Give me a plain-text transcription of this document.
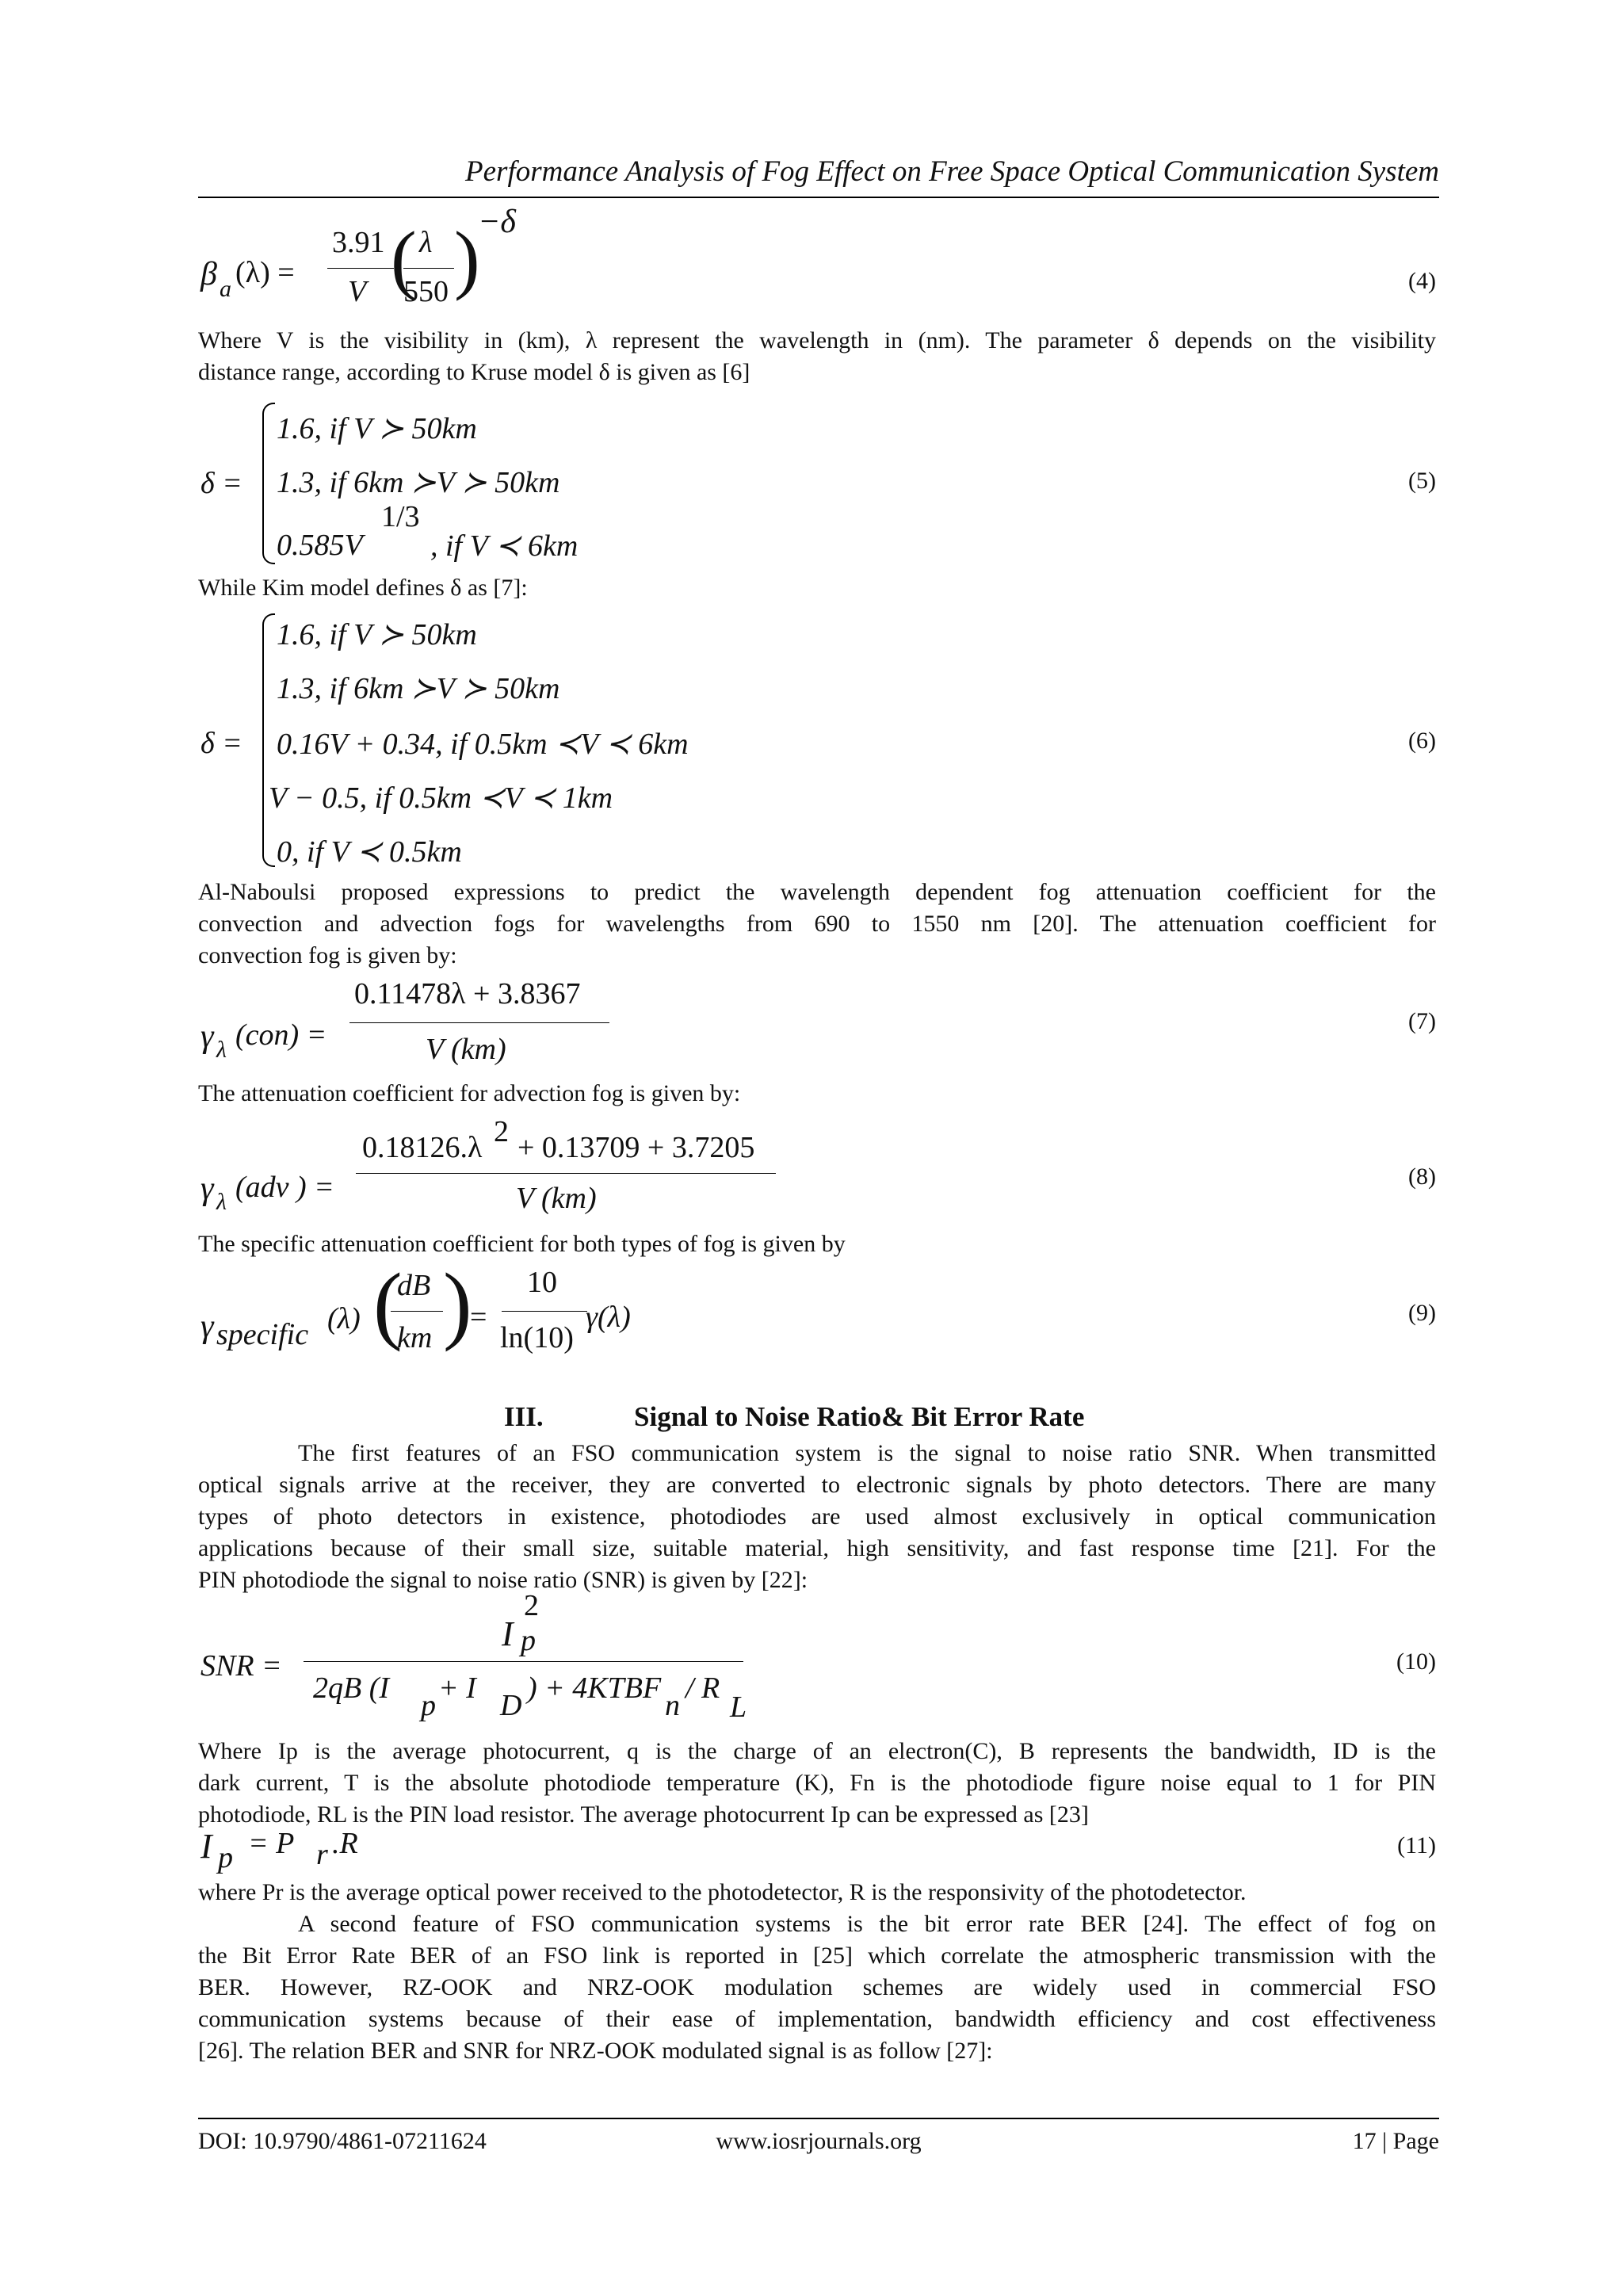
Performance Analysis of Fog Effect on Free Space Optical Communication System
β a (λ) =
3.91
V ( λ
550 )
−δ
(4)
Where V is the visibility in (km), λ represent the wavelength in (nm). The parameter δ depends on the visibility
distance range, according to Kruse model δ is given as [6]
δ =
1.6, if V ≻ 50km
1.3, if 6km ≻V ≻ 50km
0.585V
1/3
, if V ≺ 6km
(5)
While Kim model defines δ as [7]:
δ =
1.6, if V ≻ 50km
1.3, if 6km ≻V ≻ 50km
0.16V + 0.34, if 0.5km ≺V ≺ 6km
V − 0.5, if 0.5km ≺V ≺ 1km
0, if V ≺ 0.5km
(6)
Al-Naboulsi proposed expressions to predict the wavelength dependent fog attenuation coefficient for the
convection and advection fogs for wavelengths from 690 to 1550 nm [20]. The attenuation coefficient for
convection fog is given by:
γ λ (con) =
0.11478λ + 3.8367
V (km)
(7)
The attenuation coefficient for advection fog is given by:
γ λ (adv ) =
0.18126.λ 2 + 0.13709 + 3.7205
V (km)
(8)
The specific attenuation coefficient for both types of fog is given by
γ specific (λ) (
dB
km )
=
10
ln(10)
γ(λ)	(9)
III.	Signal to Noise Ratio& Bit Error Rate
The first features of an FSO communication system is the signal to noise ratio SNR. When transmitted
optical signals arrive at the receiver, they are converted to electronic signals by photo detectors. There are many
types of photo detectors in existence, photodiodes are used almost exclusively in optical communication
applications because of their small size, suitable material, high sensitivity, and fast response time [21]. For the
PIN photodiode the signal to noise ratio (SNR) is given by [22]:
SNR =
I
2
p
2qB (I
p
+ I
D
) + 4KTBF
n
/ R
L
(10)
Where Ip is the average photocurrent, q is the charge of an electron(C), B represents the bandwidth, ID is the
dark current, T is the absolute photodiode temperature (K), Fn is the photodiode figure noise equal to 1 for PIN
photodiode, RL is the PIN load resistor. The average photocurrent Ip can be expressed as [23]
I p = P r .R	(11)
where Pr is the average optical power received to the photodetector, R is the responsivity of the photodetector.
A second feature of FSO communication systems is the bit error rate BER [24]. The effect of fog on
the Bit Error Rate BER of an FSO link is reported in [25] which correlate the atmospheric transmission with the
BER. However, RZ-OOK and NRZ-OOK modulation schemes are widely used in commercial FSO
communication systems because of their ease of implementation, bandwidth efficiency and cost effectiveness
[26]. The relation BER and SNR for NRZ-OOK modulated signal is as follow [27]:
DOI: 10.9790/4861-07211624	www.iosrjournals.org	17 | Page
